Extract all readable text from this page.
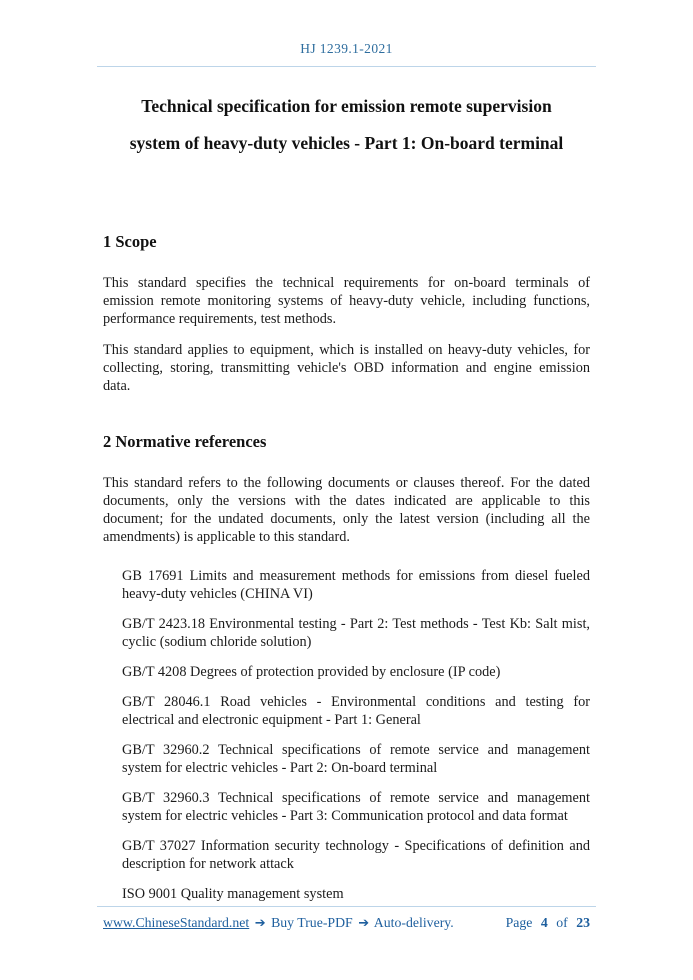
HJ 1239.1-2021
Technical specification for emission remote supervision
system of heavy-duty vehicles - Part 1: On-board terminal
1 Scope

This standard specifies the technical requirements for on-board terminals of emission remote monitoring systems of heavy-duty vehicle, including functions, performance requirements, test methods.

This standard applies to equipment, which is installed on heavy-duty vehicles, for collecting, storing, transmitting vehicle's OBD information and engine emission data.

2 Normative references

This standard refers to the following documents or clauses thereof. For the dated documents, only the versions with the dates indicated are applicable to this document; for the undated documents, only the latest version (including all the amendments) is applicable to this standard.

GB 17691 Limits and measurement methods for emissions from diesel fueled heavy-duty vehicles (CHINA VI)

GB/T 2423.18 Environmental testing - Part 2: Test methods - Test Kb: Salt mist, cyclic (sodium chloride solution)

GB/T 4208 Degrees of protection provided by enclosure (IP code)

GB/T 28046.1 Road vehicles - Environmental conditions and testing for electrical and electronic equipment - Part 1: General

GB/T 32960.2 Technical specifications of remote service and management system for electric vehicles - Part 2: On-board terminal

GB/T 32960.3 Technical specifications of remote service and management system for electric vehicles - Part 3: Communication protocol and data format

GB/T 37027 Information security technology - Specifications of definition and description for network attack

ISO 9001 Quality management system

www.ChineseStandard.net ➔ Buy True-PDF ➔ Auto-delivery.	Page 4 of 23
